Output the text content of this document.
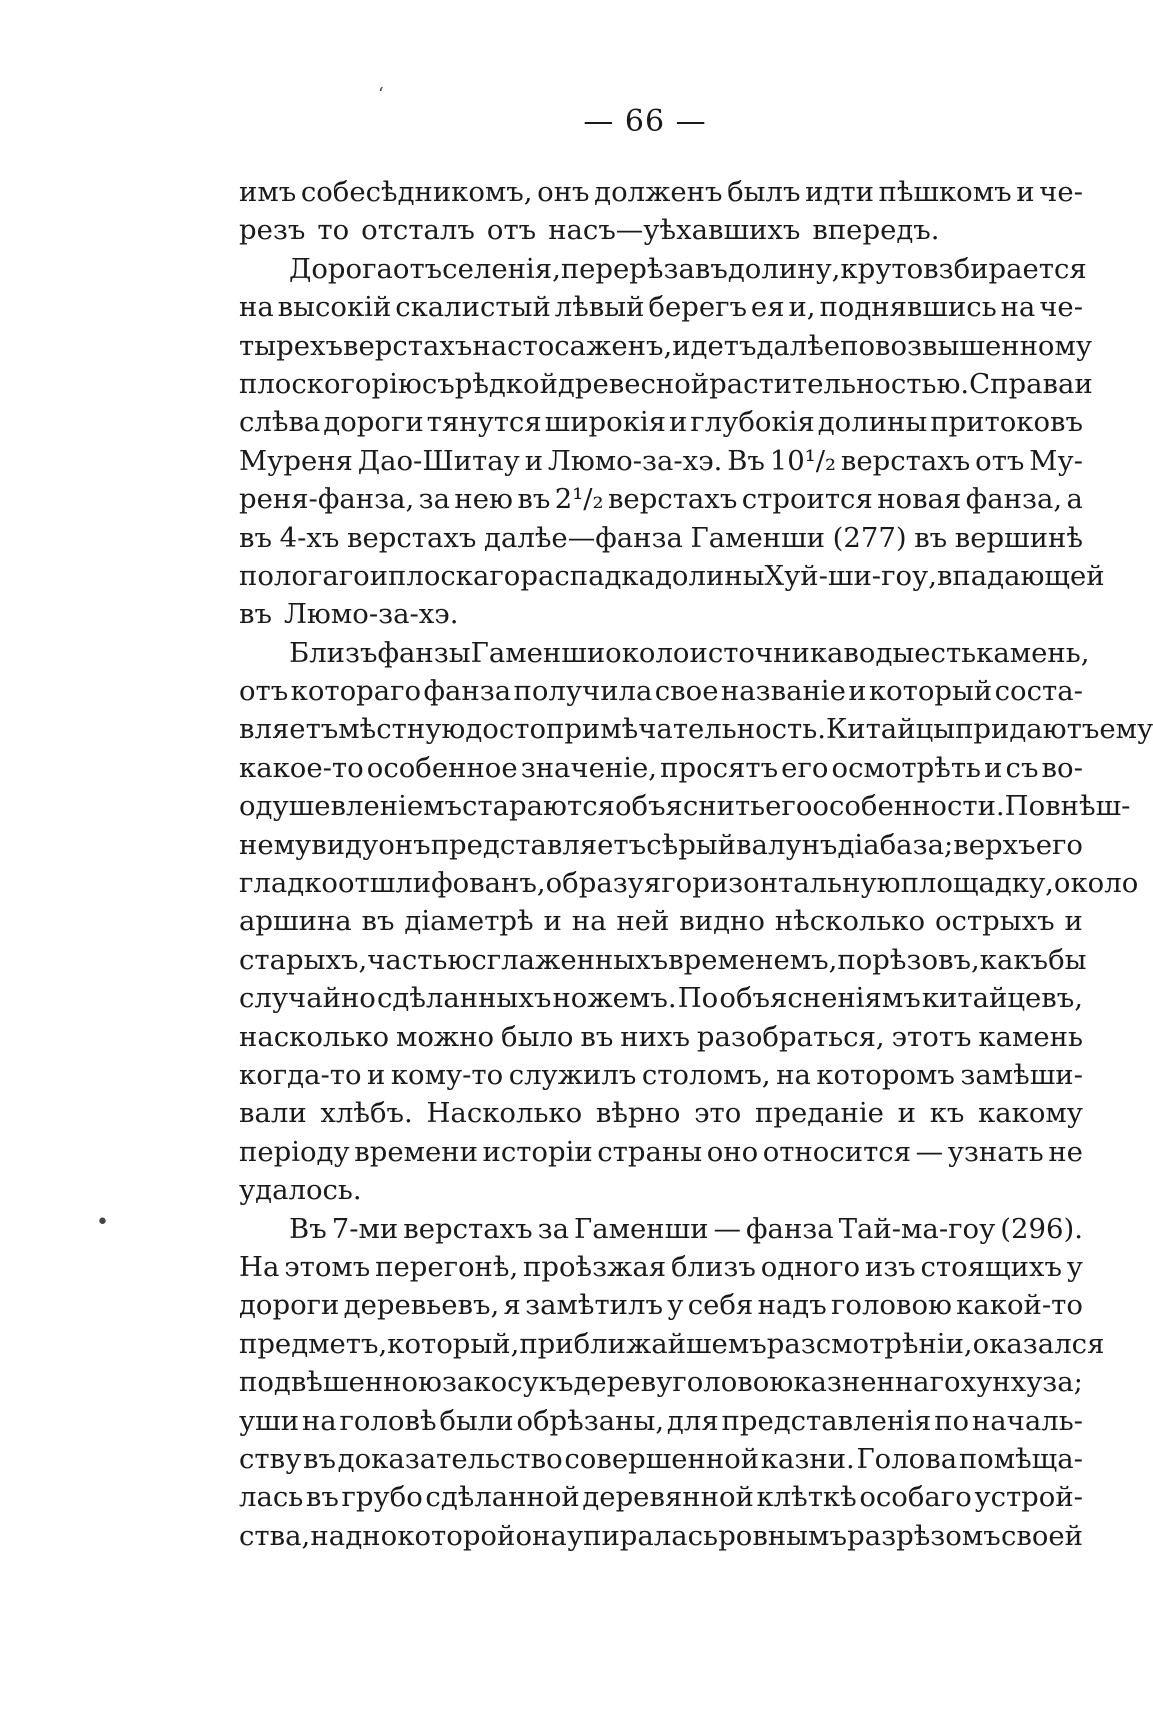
— 66 —
ʻ
•
имъ собесѣдникомъ, онъ долженъ былъ идти пѣшкомъ и че-
резъ то отсталъ отъ насъ—уѣхавшихъ впередъ.
Дорога отъ селенія, перерѣзавъ долину, круто взбирается
на высокій скалистый лѣвый берегъ ея и, поднявшись на че-
тырехъ верстахъ на сто саженъ, идетъ далѣе по возвышенному
плоскогорію съ рѣдкой древесной растительностью. Справа и
слѣва дороги тянутся широкія и глубокія долины притоковъ
Муреня Дао-Шитау и Люмо-за-хэ. Въ 10¹/₂ верстахъ отъ Му-
реня-фанза, за нею въ 2¹/₂ верстахъ строится новая фанза, а
въ 4-хъ верстахъ далѣе—фанза Гаменши (277) въ вершинѣ
пологаго и плоскаго распадка долины Хуй-ши-гоу, впадающей
въ Люмо-за-хэ.
Близъ фанзы Гаменши около источника воды есть камень,
отъ котораго фанза получила свое названіе и который соста-
вляетъ мѣстную достопримѣчательность. Китайцы придаютъ ему
какое-то особенное значеніе, просятъ его осмотрѣть и съ во-
одушевленіемъ стараются объяснить его особенности. По внѣш-
нему виду онъ представляетъ сѣрый валунъ діабаза; верхъ его
гладко отшлифованъ, образуя горизонтальную площадку, около
аршина въ діаметрѣ и на ней видно нѣсколько острыхъ и
старыхъ, частью сглаженныхъ временемъ, порѣзовъ, какъ бы
случайно сдѣланныхъ ножемъ. По объясненіямъ китайцевъ,
насколько можно было въ нихъ разобраться, этотъ камень
когда-то и кому-то служилъ столомъ, на которомъ замѣши-
вали хлѣбъ. Насколько вѣрно это преданіе и къ какому
періоду времени исторіи страны оно относится — узнать не
удалось.
Въ 7-ми верстахъ за Гаменши — фанза Тай-ма-гоу (296).
На этомъ перегонѣ, проѣзжая близъ одного изъ стоящихъ у
дороги деревьевъ, я замѣтилъ у себя надъ головою какой-то
предметъ, который, при ближайшемъ разсмотрѣніи, оказался
подвѣшенною за косу къ дереву головою казненнаго хунхуза;
уши на головѣ были обрѣзаны, для представленія по началь-
ству въ доказательство совершенной казни. Голова помѣща-
лась въ грубо сдѣланной деревянной клѣткѣ особаго устрой-
ства, на дно которой она упиралась ровнымъ разрѣзомъ своей
